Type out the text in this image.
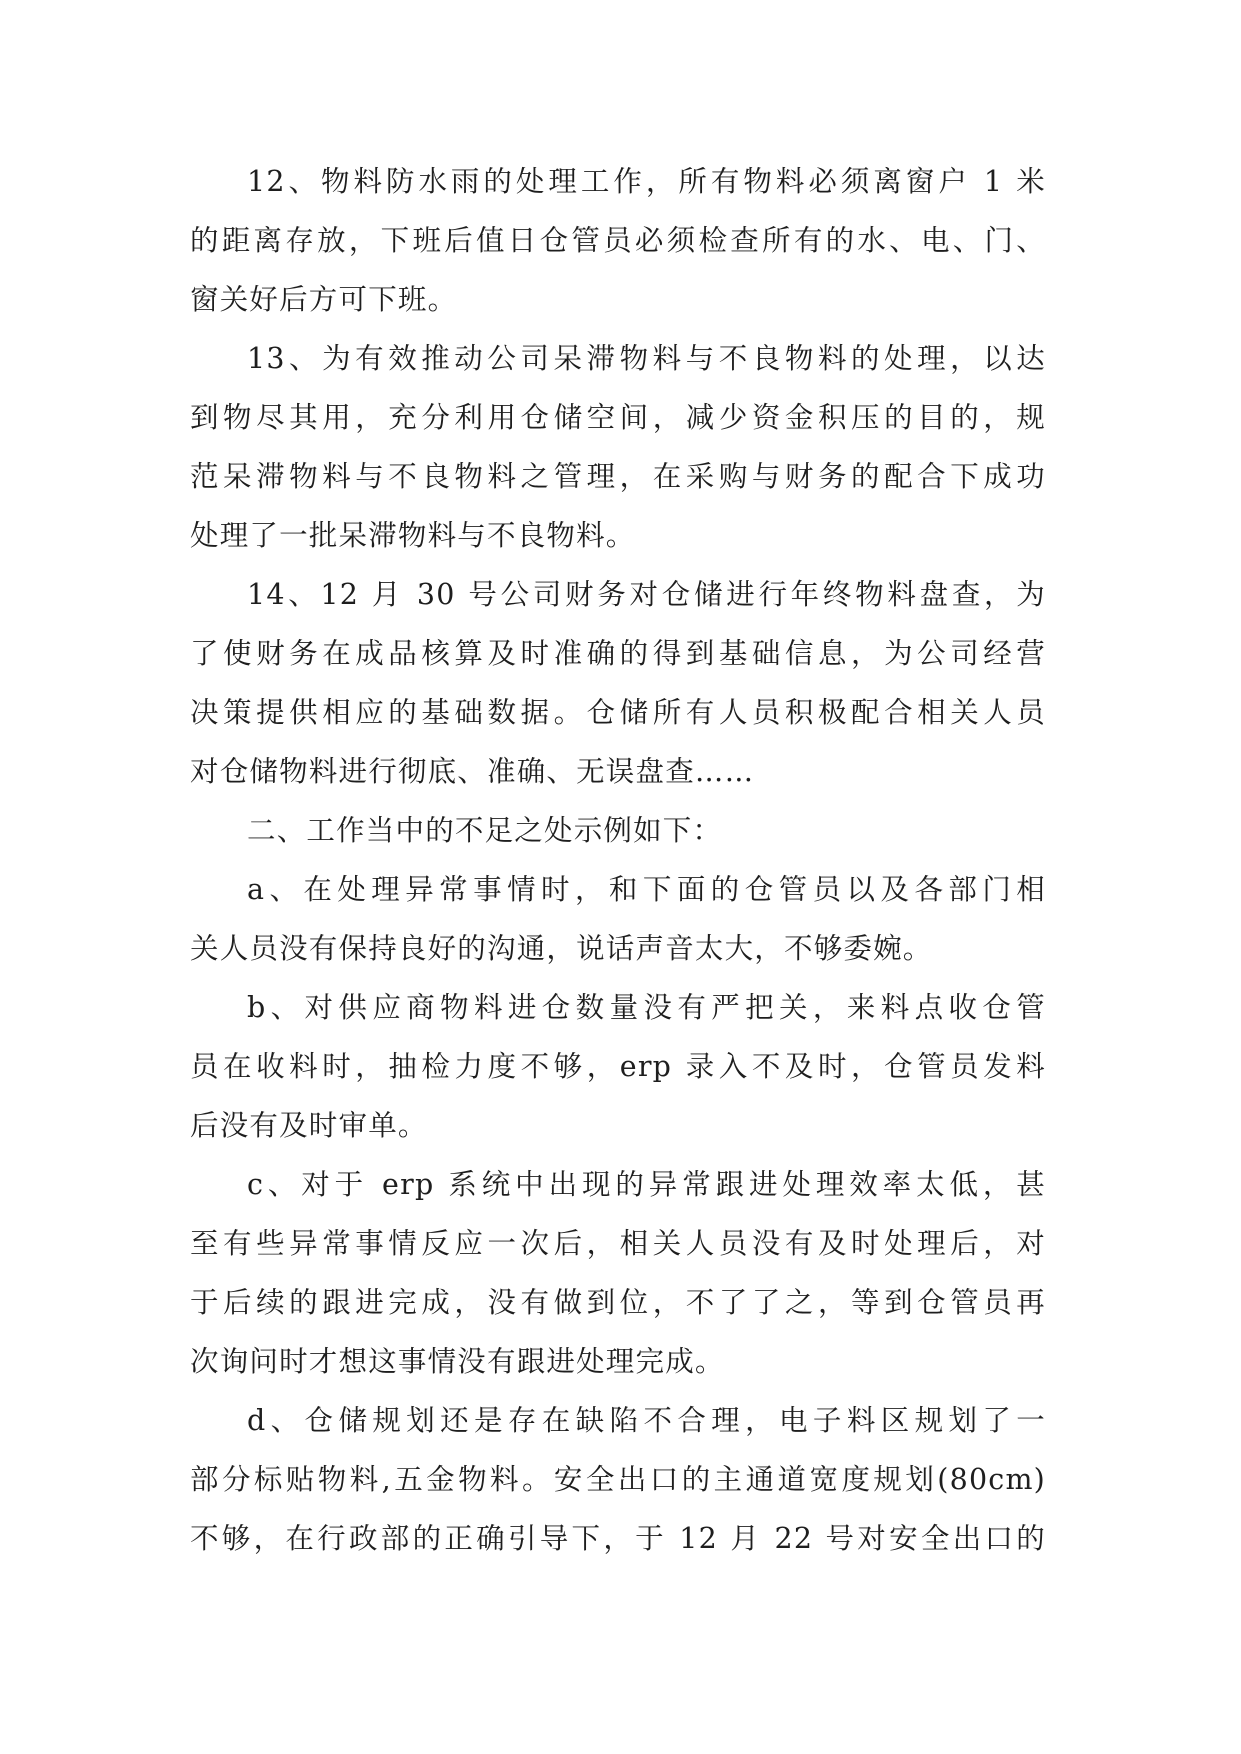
12、物料防水雨的处理工作，所有物料必须离窗户 1 米
的距离存放，下班后值日仓管员必须检查所有的水、电、门、
窗关好后方可下班。

13、为有效推动公司呆滞物料与不良物料的处理，以达
到物尽其用，充分利用仓储空间，减少资金积压的目的，规
范呆滞物料与不良物料之管理，在采购与财务的配合下成功
处理了一批呆滞物料与不良物料。

14、12 月 30 号公司财务对仓储进行年终物料盘查，为
了使财务在成品核算及时准确的得到基础信息，为公司经营
决策提供相应的基础数据。仓储所有人员积极配合相关人员
对仓储物料进行彻底、准确、无误盘查……

二、工作当中的不足之处示例如下：

a、在处理异常事情时，和下面的仓管员以及各部门相
关人员没有保持良好的沟通，说话声音太大，不够委婉。

b、对供应商物料进仓数量没有严把关，来料点收仓管
员在收料时，抽检力度不够，erp 录入不及时，仓管员发料
后没有及时审单。

c、对于 erp 系统中出现的异常跟进处理效率太低，甚
至有些异常事情反应一次后，相关人员没有及时处理后，对
于后续的跟进完成，没有做到位，不了了之，等到仓管员再
次询问时才想这事情没有跟进处理完成。

d、仓储规划还是存在缺陷不合理，电子料区规划了一
部分标贴物料,五金物料。安全出口的主通道宽度规划(80cm)
不够，在行政部的正确引导下，于 12 月 22 号对安全出口的
